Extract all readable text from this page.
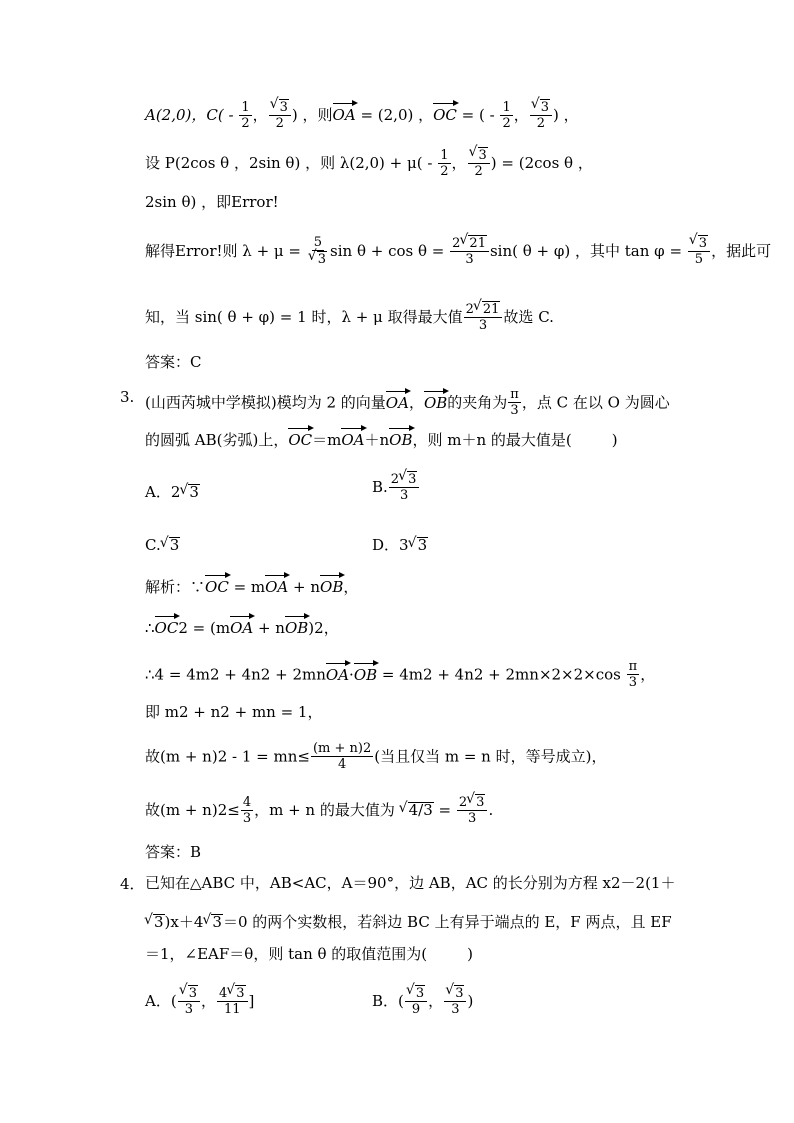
A(2,0)，$C( - \frac{1}{2}$ ， √ $\frac{3}{2}$ ) ，则OA = (2,0) ，OC = ( - $\frac{1}{2}$ ， √ $\frac{3}{2}$ ) ，
设 P(2cos θ ，2sin θ) ，则 $\lambda(2,0) + \mu( - \frac{1}{2}$ ， √ $\frac{3}{2}$ ) = (2cos θ ，
2sin θ) ，即Error!
解得Error!则 λ + μ = 5
√ 3 $\sin \theta + \cos \theta = \frac{2 √ 21}{3} \sin$( θ + φ) ，其中 tan φ = √ $\frac{3}{5}$ ，据此可
知，当 sin( θ + φ) = 1 时，λ + μ 取得最大值 $\frac{2 √ 21}{3}$ 故选 C.
答案：C
3. (山西芮城中学模拟)模均为 2 的向量OA，OB的夹角为 $\frac{\pi}{3}$ ，点 C 在以 O 为圆心
的圆弧 AB(劣弧)上，OC＝mOA＋nOB，则 m＋n 的最大值是(	)
A．2 √ 3	B. $\frac{2 √ 3}{3}$
C. √ 3	D．3 √ 3
解析：∵OC = mOA + nOB，
∴OC2 = (mOA + nOB)2，
∴4 = 4m2 + 4n2 + 2mnOA·OB = $4m2 + 4n2 + 2mn\times 2\times 2\times\cos \frac{\pi}{3}$ ，
即 m2 + n2 + mn = 1，
故$(m + n)2 - 1 = mn\le \frac{(m + n)2}{4}$ (当且仅当 m = n 时，等号成立)，
故$(m + n)2\le \frac{4}{3}$ ，m + n 的最大值为 √ $4/3 = \frac{2 √ 3}{3}$ .
答案：B
4． 已知在△ABC 中，AB<AC，A＝90°，边 AB，AC 的长分别为方程 x2－2(1＋
√ 3)x＋4 √ 3＝0 的两个实数根，若斜边 BC 上有异于端点的 E，F 两点，且 EF
＝1，∠EAF＝θ，则 tan θ 的取值范围为(	)
A．( √ $\frac{3}{3}$ ， $\frac{4 √ 3}{11}$ ]	B．( √ $\frac{3}{9}$ ， √ $\frac{3}{3}$ )
